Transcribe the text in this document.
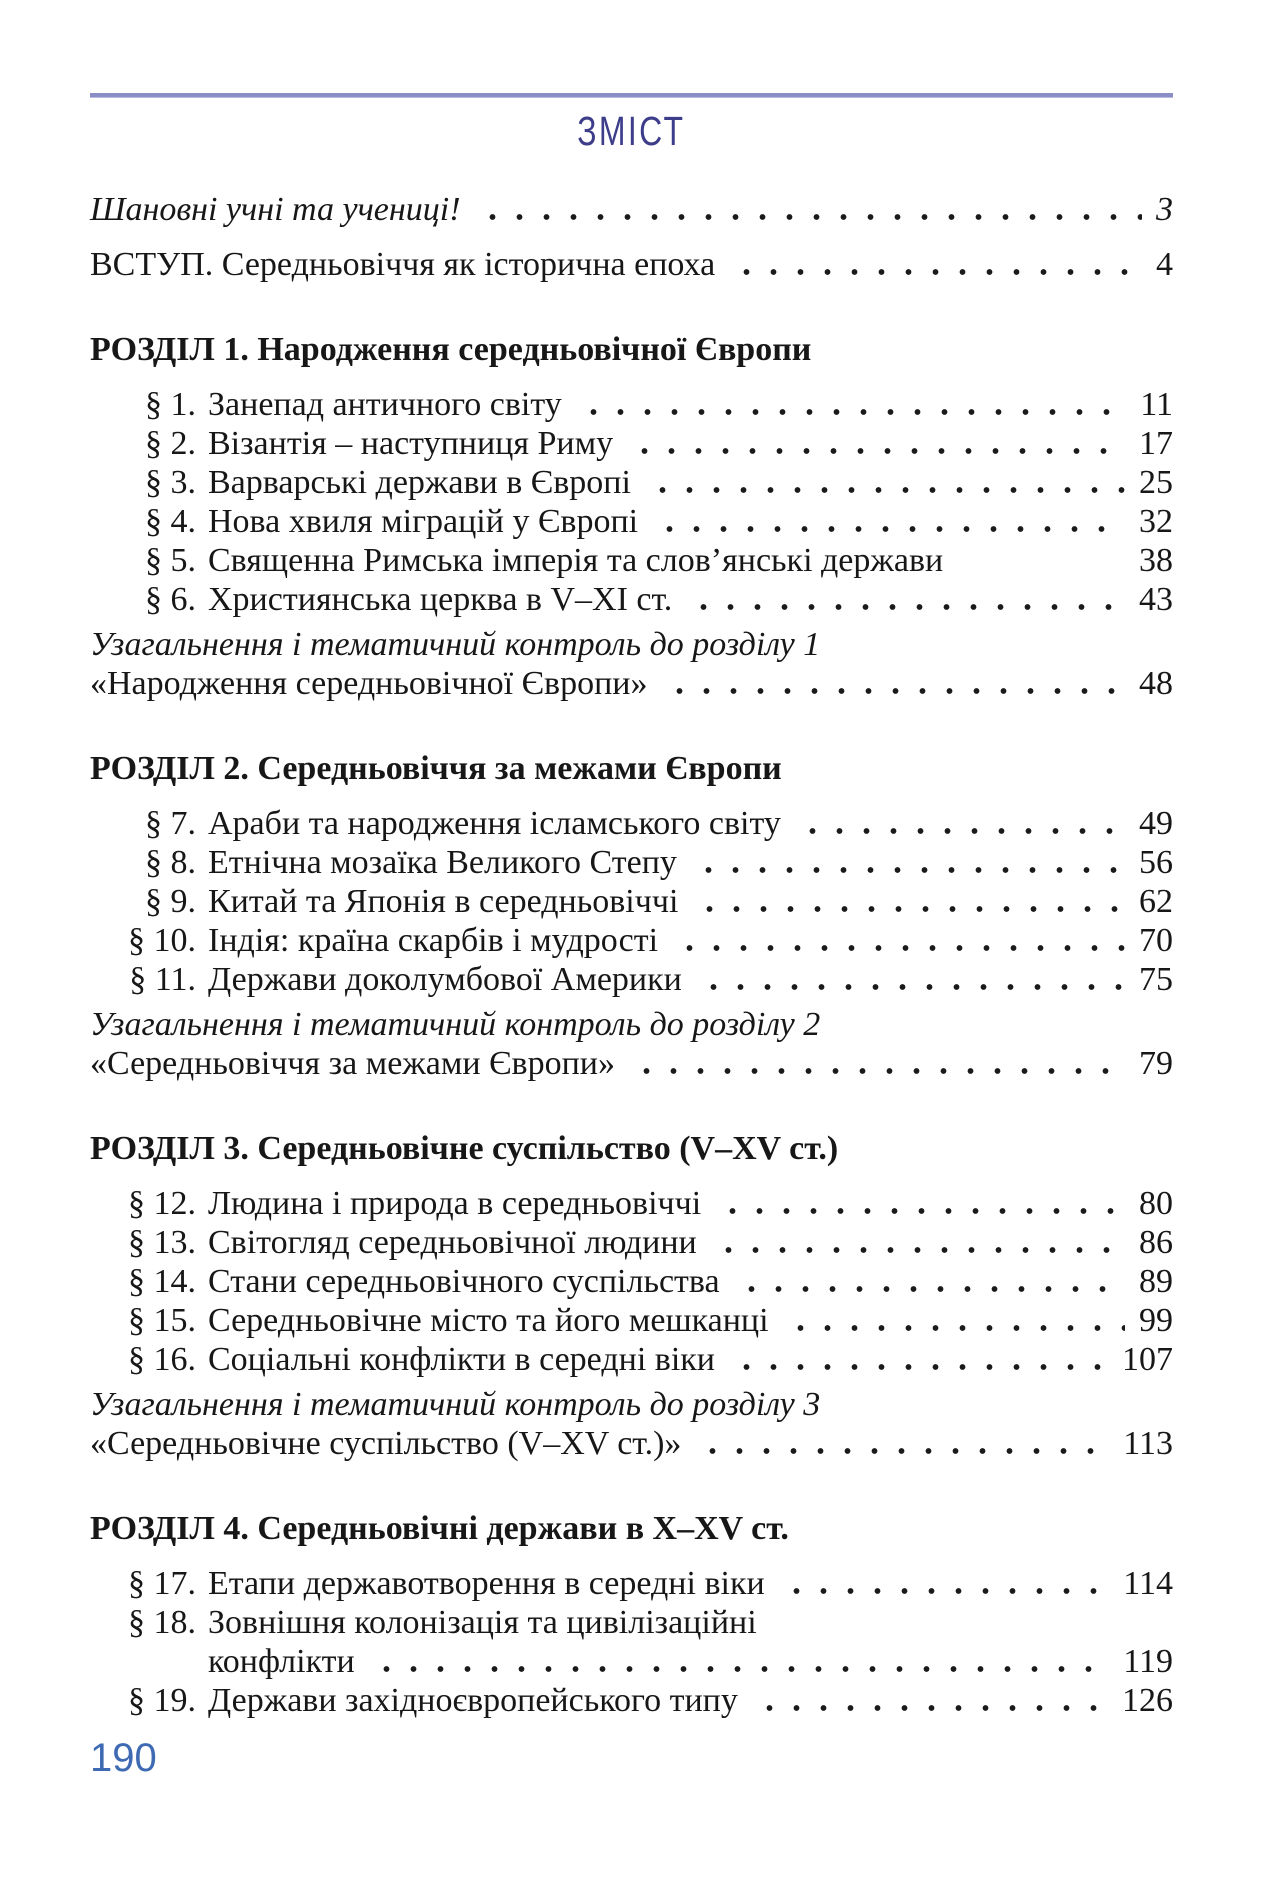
ЗМІСТ
Шановні учні та учениці!	3
ВСТУП. Середньовіччя як історична епоха	4
РОЗДІЛ 1. Народження середньовічної Європи
§ 1. Занепад античного світу	11
§ 2. Візантія – наступниця Риму	17
§ 3. Варварські держави в Європі	25
§ 4. Нова хвиля міграцій у Європі	32
§ 5. Священна Римська імперія та слов’янські держави	38
§ 6. Християнська церква в V–XI ст.	43
Узагальнення і тематичний контроль до розділу 1
«Народження середньовічної Європи»	48
РОЗДІЛ 2. Середньовіччя за межами Європи
§ 7. Араби та народження ісламського світу	49
§ 8. Етнічна мозаїка Великого Степу	56
§ 9. Китай та Японія в середньовіччі	62
§ 10. Індія: країна скарбів і мудрості	70
§ 11. Держави доколумбової Америки	75
Узагальнення і тематичний контроль до розділу 2
«Середньовіччя за межами Європи»	79
РОЗДІЛ 3. Середньовічне суспільство (V–XV ст.)
§ 12. Людина і природа в середньовіччі	80
§ 13. Світогляд середньовічної людини	86
§ 14. Стани середньовічного суспільства	89
§ 15. Середньовічне місто та його мешканці	99
§ 16. Соціальні конфлікти в середні віки	107
Узагальнення і тематичний контроль до розділу 3
«Середньовічне суспільство (V–XV ст.)»	113
РОЗДІЛ 4. Середньовічні держави в X–XV ст.
§ 17. Етапи державотворення в середні віки	114
§ 18. Зовнішня колонізація та цивілізаційні
конфлікти	119
§ 19. Держави західноєвропейського типу	126
190
